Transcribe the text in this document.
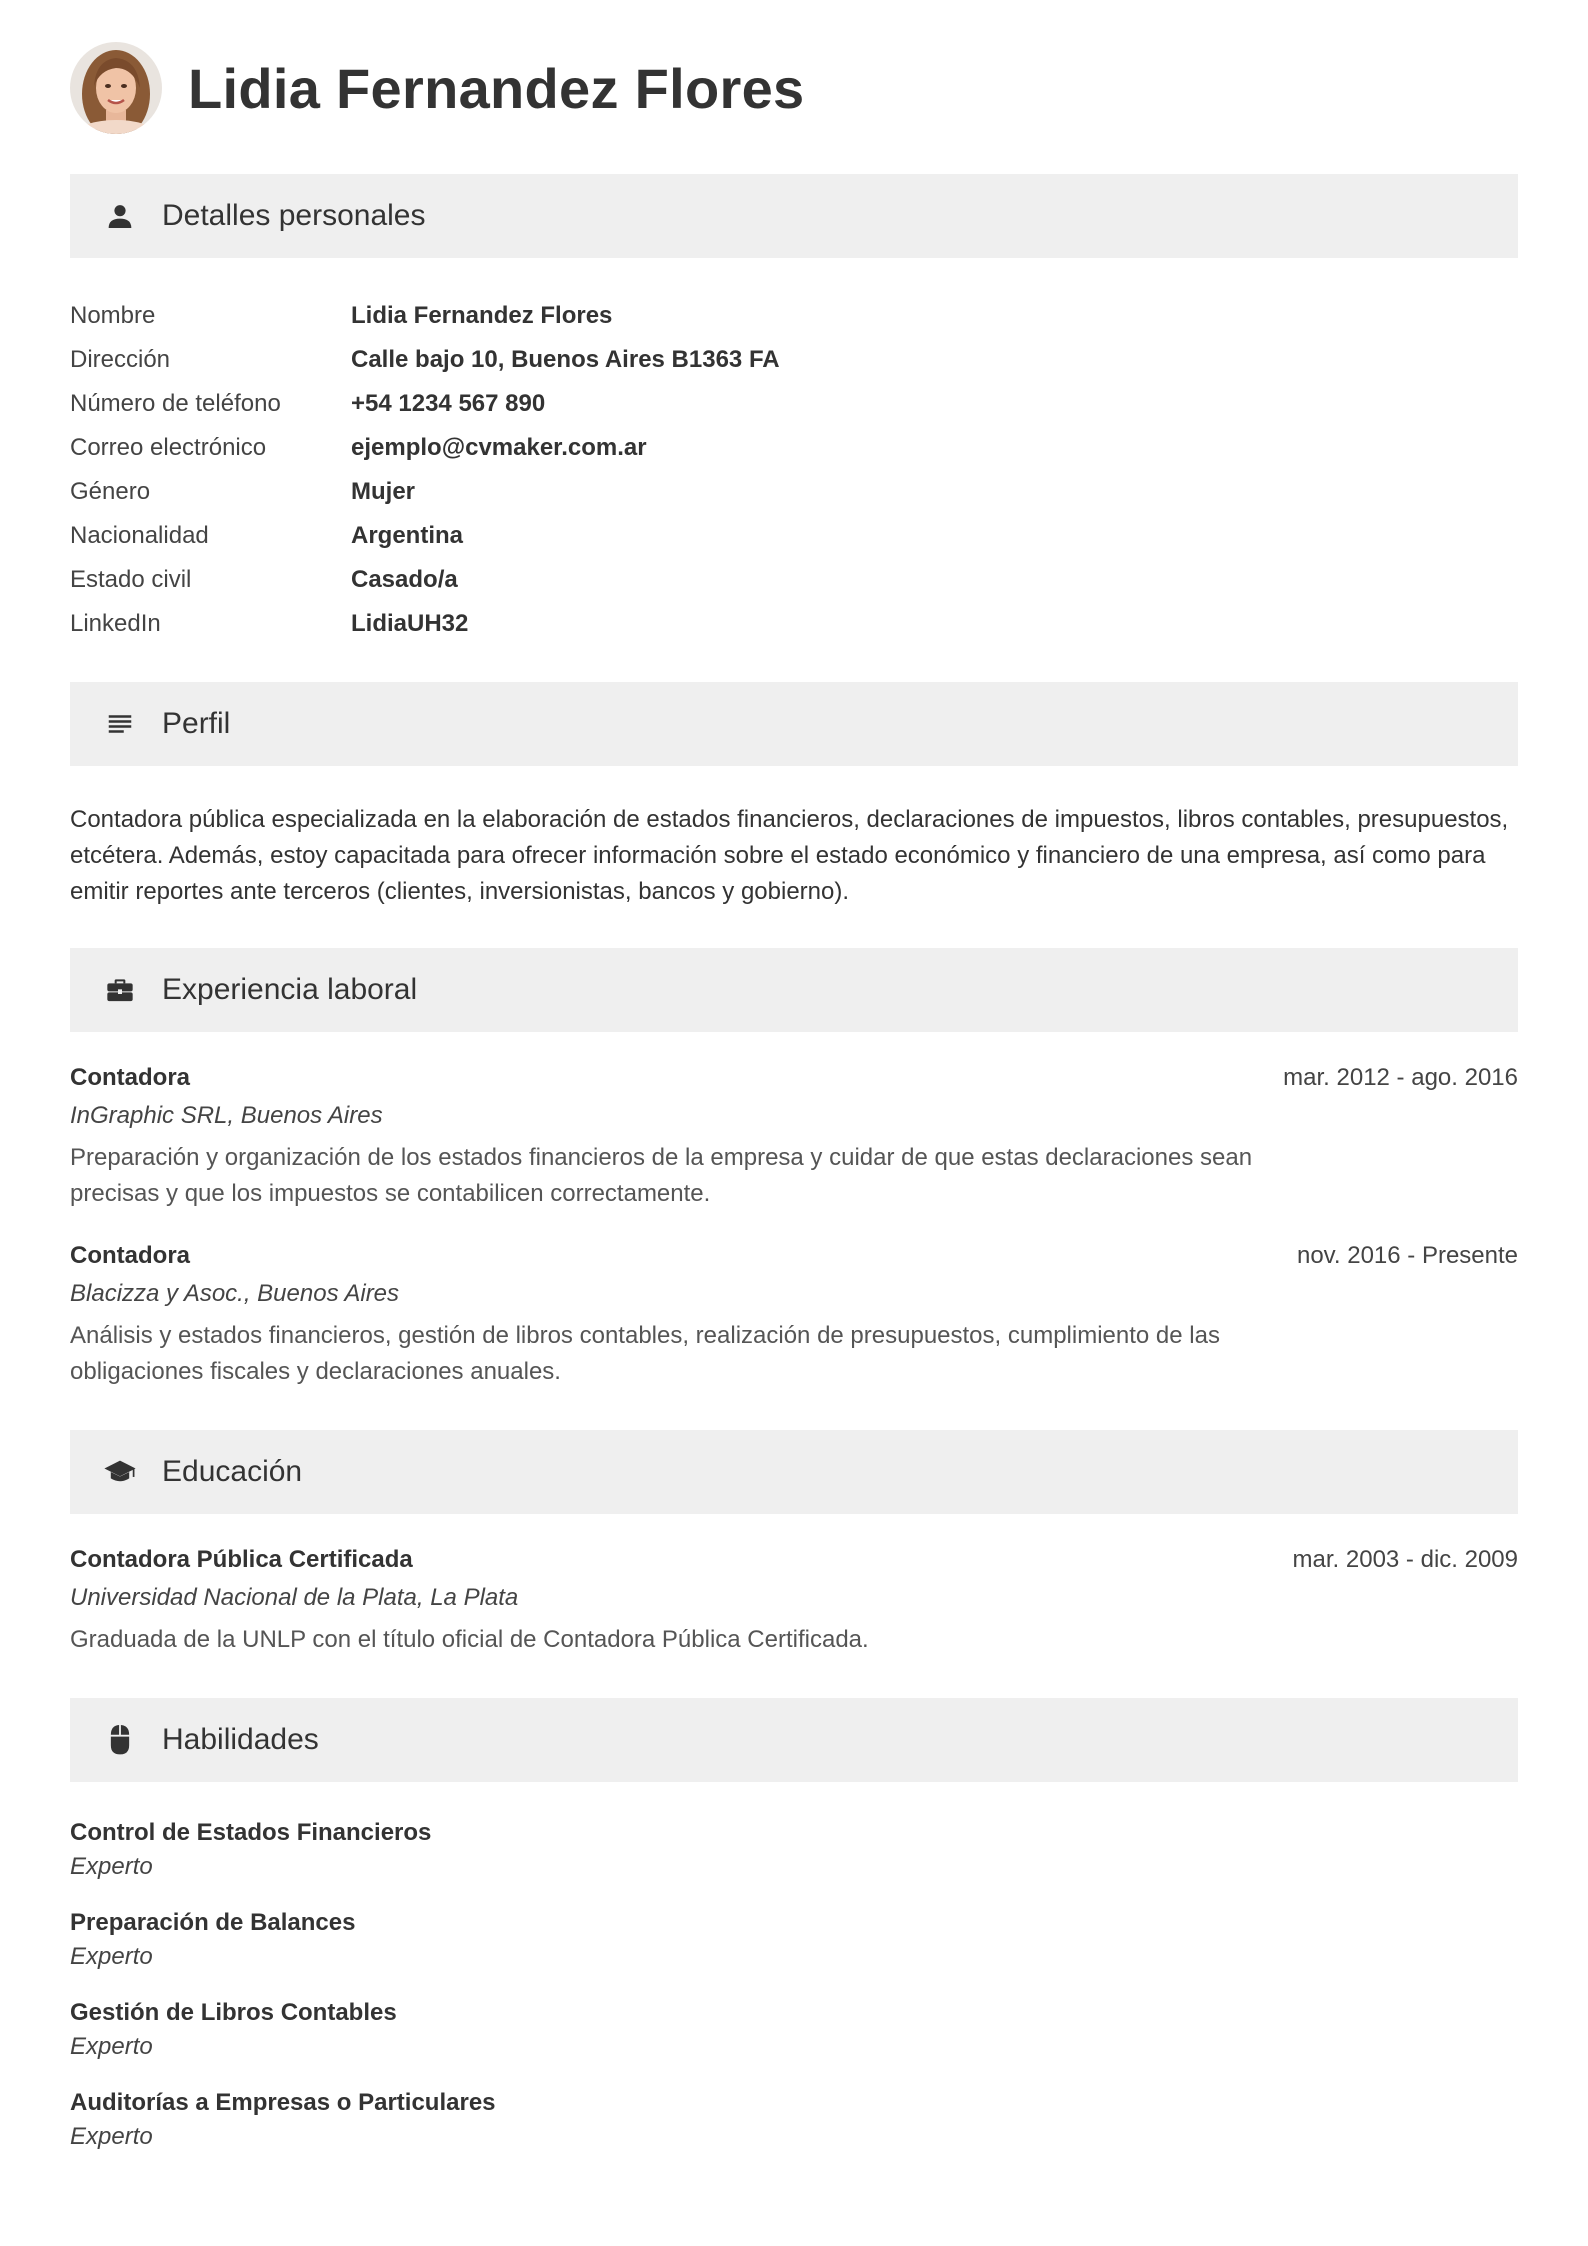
Lidia Fernandez Flores
Detalles personales
Nombre	Lidia Fernandez Flores
Dirección	Calle bajo 10, Buenos Aires B1363 FA
Número de teléfono	+54 1234 567 890
Correo electrónico	ejemplo@cvmaker.com.ar
Género	Mujer
Nacionalidad	Argentina
Estado civil	Casado/a
LinkedIn	LidiaUH32
Perfil
Contadora pública especializada en la elaboración de estados financieros, declaraciones de impuestos, libros contables, presupuestos, etcétera. Además, estoy capacitada para ofrecer información sobre el estado económico y financiero de una empresa, así como para emitir reportes ante terceros (clientes, inversionistas, bancos y gobierno).
Experiencia laboral
Contadora	mar. 2012 - ago. 2016
InGraphic SRL, Buenos Aires
Preparación y organización de los estados financieros de la empresa y cuidar de que estas declaraciones sean precisas y que los impuestos se contabilicen correctamente.
Contadora	nov. 2016 - Presente
Blacizza y Asoc., Buenos Aires
Análisis y estados financieros, gestión de libros contables, realización de presupuestos, cumplimiento de las obligaciones fiscales y declaraciones anuales.
Educación
Contadora Pública Certificada	mar. 2003 - dic. 2009
Universidad Nacional de la Plata, La Plata
Graduada de la UNLP con el título oficial de Contadora Pública Certificada.
Habilidades
Control de Estados Financieros
Experto
Preparación de Balances
Experto
Gestión de Libros Contables
Experto
Auditorías a Empresas o Particulares
Experto
